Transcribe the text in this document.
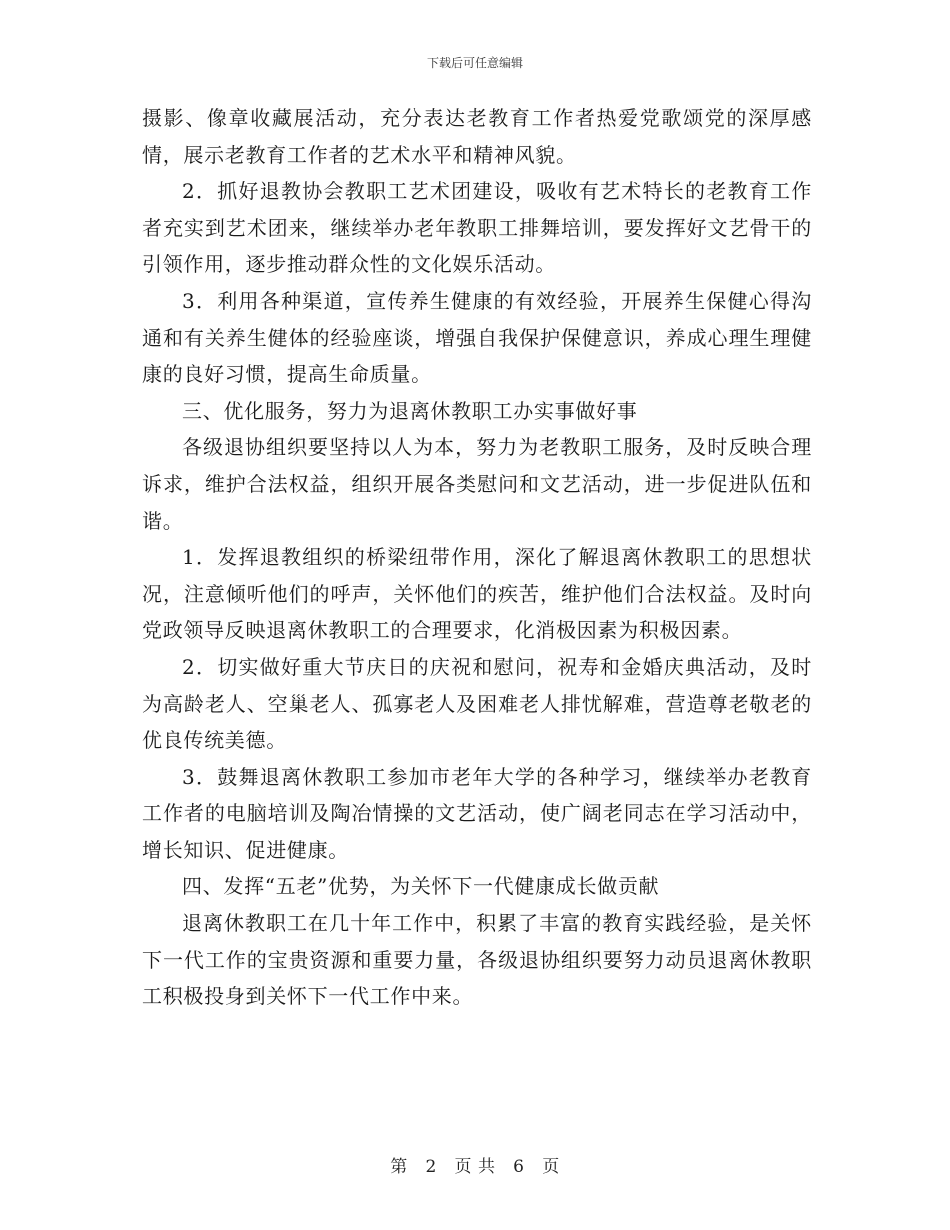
下载后可任意编辑

摄影、像章收藏展活动，充分表达老教育工作者热爱党歌颂党的深厚感情，展示老教育工作者的艺术水平和精神风貌。

2．抓好退教协会教职工艺术团建设，吸收有艺术特长的老教育工作者充实到艺术团来，继续举办老年教职工排舞培训，要发挥好文艺骨干的引领作用，逐步推动群众性的文化娱乐活动。

3．利用各种渠道，宣传养生健康的有效经验，开展养生保健心得沟通和有关养生健体的经验座谈，增强自我保护保健意识，养成心理生理健康的良好习惯，提高生命质量。

三、优化服务，努力为退离休教职工办实事做好事

各级退协组织要坚持以人为本，努力为老教职工服务，及时反映合理诉求，维护合法权益，组织开展各类慰问和文艺活动，进一步促进队伍和谐。

1．发挥退教组织的桥梁纽带作用，深化了解退离休教职工的思想状况，注意倾听他们的呼声，关怀他们的疾苦，维护他们合法权益。及时向党政领导反映退离休教职工的合理要求，化消极因素为积极因素。

2．切实做好重大节庆日的庆祝和慰问，祝寿和金婚庆典活动，及时为高龄老人、空巢老人、孤寡老人及困难老人排忧解难，营造尊老敬老的优良传统美德。

3．鼓舞退离休教职工参加市老年大学的各种学习，继续举办老教育工作者的电脑培训及陶冶情操的文艺活动，使广阔老同志在学习活动中，增长知识、促进健康。

四、发挥“五老”优势，为关怀下一代健康成长做贡献

退离休教职工在几十年工作中，积累了丰富的教育实践经验，是关怀下一代工作的宝贵资源和重要力量，各级退协组织要努力动员退离休教职工积极投身到关怀下一代工作中来。

第 2 页 共 6 页
